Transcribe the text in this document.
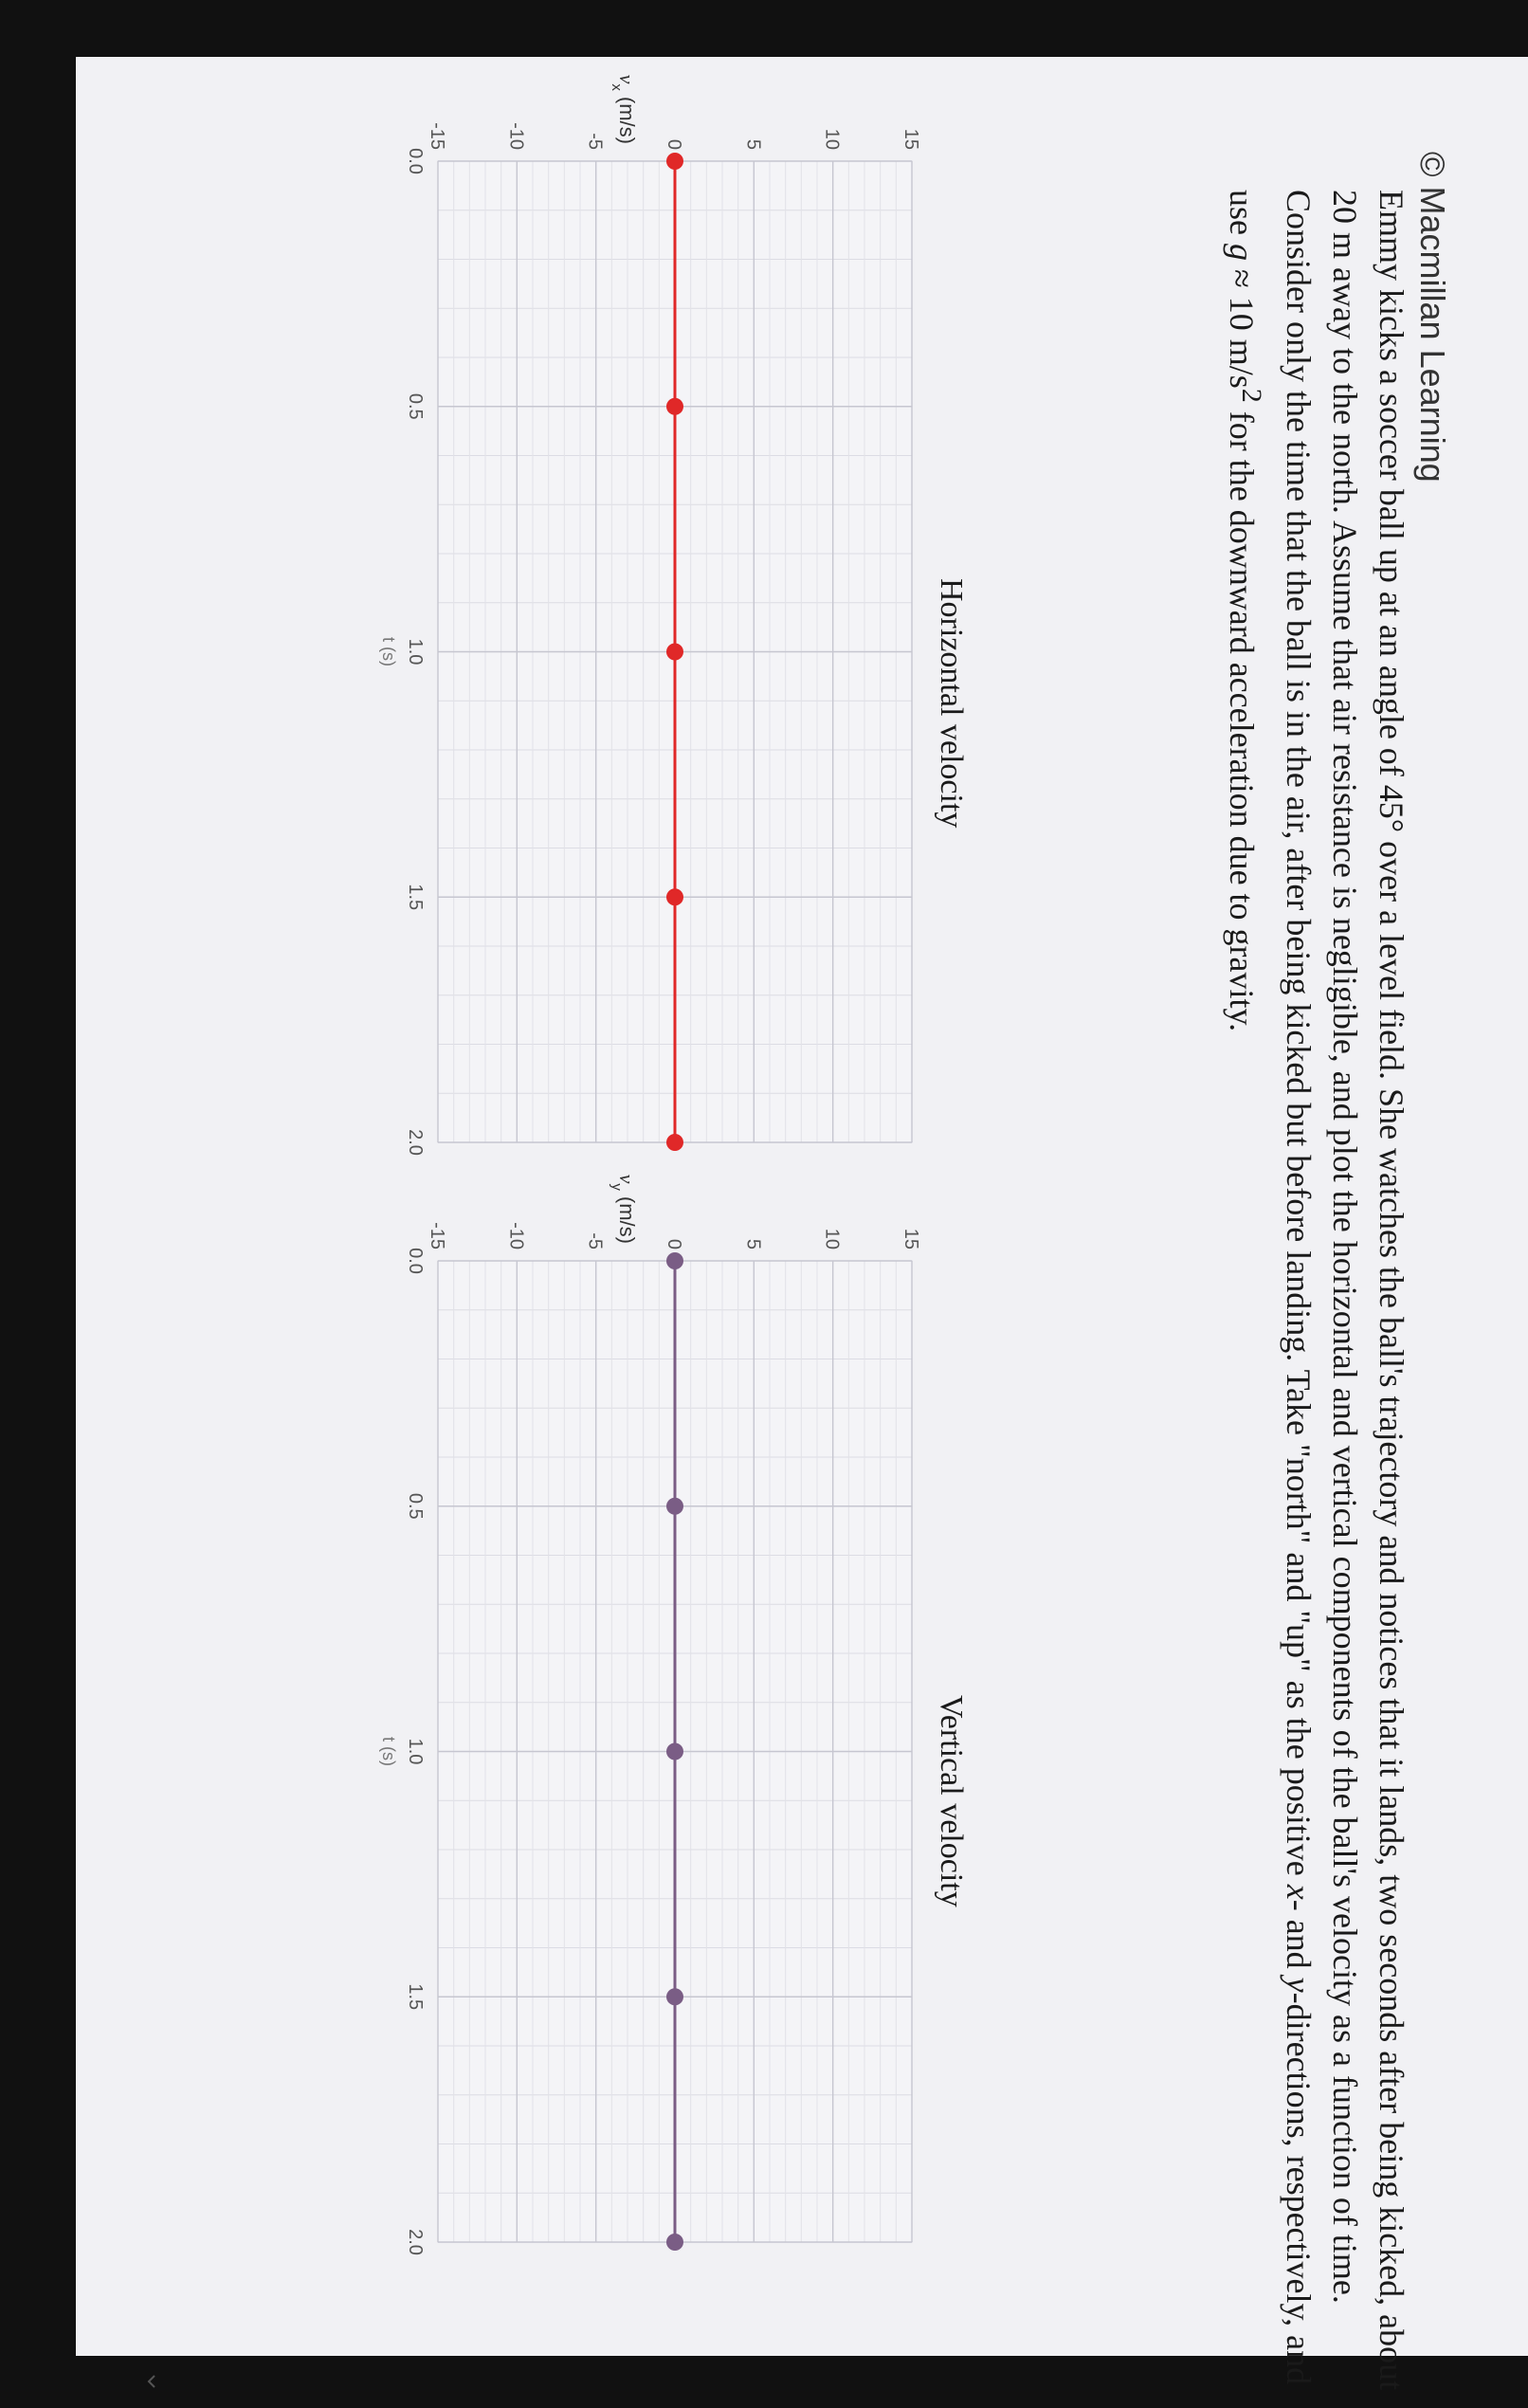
© Macmillan Learning
Emmy kicks a soccer ball up at an angle of 45° over a level field. She watches the ball's trajectory and notices that it lands, two seconds after being kicked, about 20 m away to the north. Assume that air resistance is negligible, and plot the horizontal and vertical components of the ball's velocity as a function of time. Consider only the time that the ball is in the air, after being kicked but before landing. Take "north" and "up" as the positive x- and y-directions, respectively, and use g ≈ 10 $m/s^2$ for the downward acceleration due to gravity.
Horizontal velocity
Vertical velocity
15
10
5
0
-5
-10
-15
0.0
0.5
1.0
1.5
2.0
t (s)
$v_x(m/s)$
15
10
5
0
-5
-10
-15
0.0
0.5
1.0
1.5
2.0
t (s)
$v_y(m/s)$
